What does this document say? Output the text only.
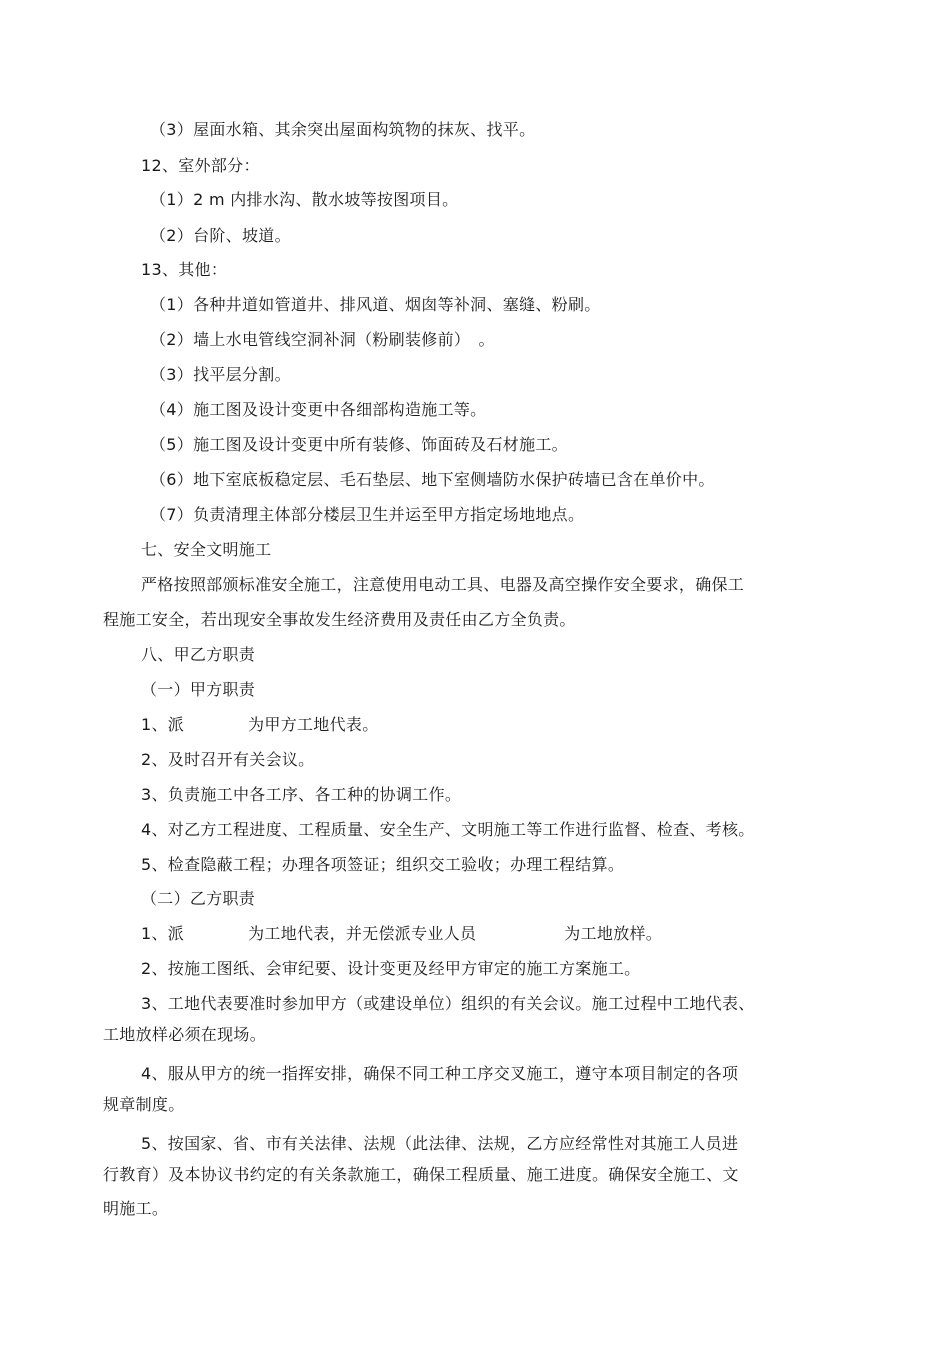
（3）屋面水箱、其余突出屋面构筑物的抹灰、找平。
12、室外部分：
（1）2 m 内排水沟、散水坡等按图项目。
（2）台阶、坡道。
13、其他：
（1）各种井道如管道井、排风道、烟囱等补洞、塞缝、粉刷。
（2）墙上水电管线空洞补洞（粉刷装修前）　。
（3）找平层分割。
（4）施工图及设计变更中各细部构造施工等。
（5）施工图及设计变更中所有装修、饰面砖及石材施工。
（6）地下室底板稳定层、毛石垫层、地下室侧墙防水保护砖墙已含在单价中。
（7）负责清理主体部分楼层卫生并运至甲方指定场地地点。
七、安全文明施工
严格按照部颁标准安全施工，注意使用电动工具、电器及高空操作安全要求，确保工
程施工安全，若出现安全事故发生经济费用及责任由乙方全负责。
八、甲乙方职责
（一）甲方职责
1、派	为甲方工地代表。
2、及时召开有关会议。
3、负责施工中各工序、各工种的协调工作。
4、对乙方工程进度、工程质量、安全生产、文明施工等工作进行监督、检查、考核。
5、检查隐蔽工程；办理各项签证；组织交工验收；办理工程结算。
（二）乙方职责
1、派	为工地代表，并无偿派专业人员	为工地放样。
2、按施工图纸、会审纪要、设计变更及经甲方审定的施工方案施工。
3、工地代表要准时参加甲方（或建设单位）组织的有关会议。施工过程中工地代表、
工地放样必须在现场。
4、服从甲方的统一指挥安排，确保不同工种工序交叉施工，遵守本项目制定的各项
规章制度。
5、按国家、省、市有关法律、法规（此法律、法规，乙方应经常性对其施工人员进
行教育）及本协议书约定的有关条款施工，确保工程质量、施工进度。确保安全施工、文
明施工。
